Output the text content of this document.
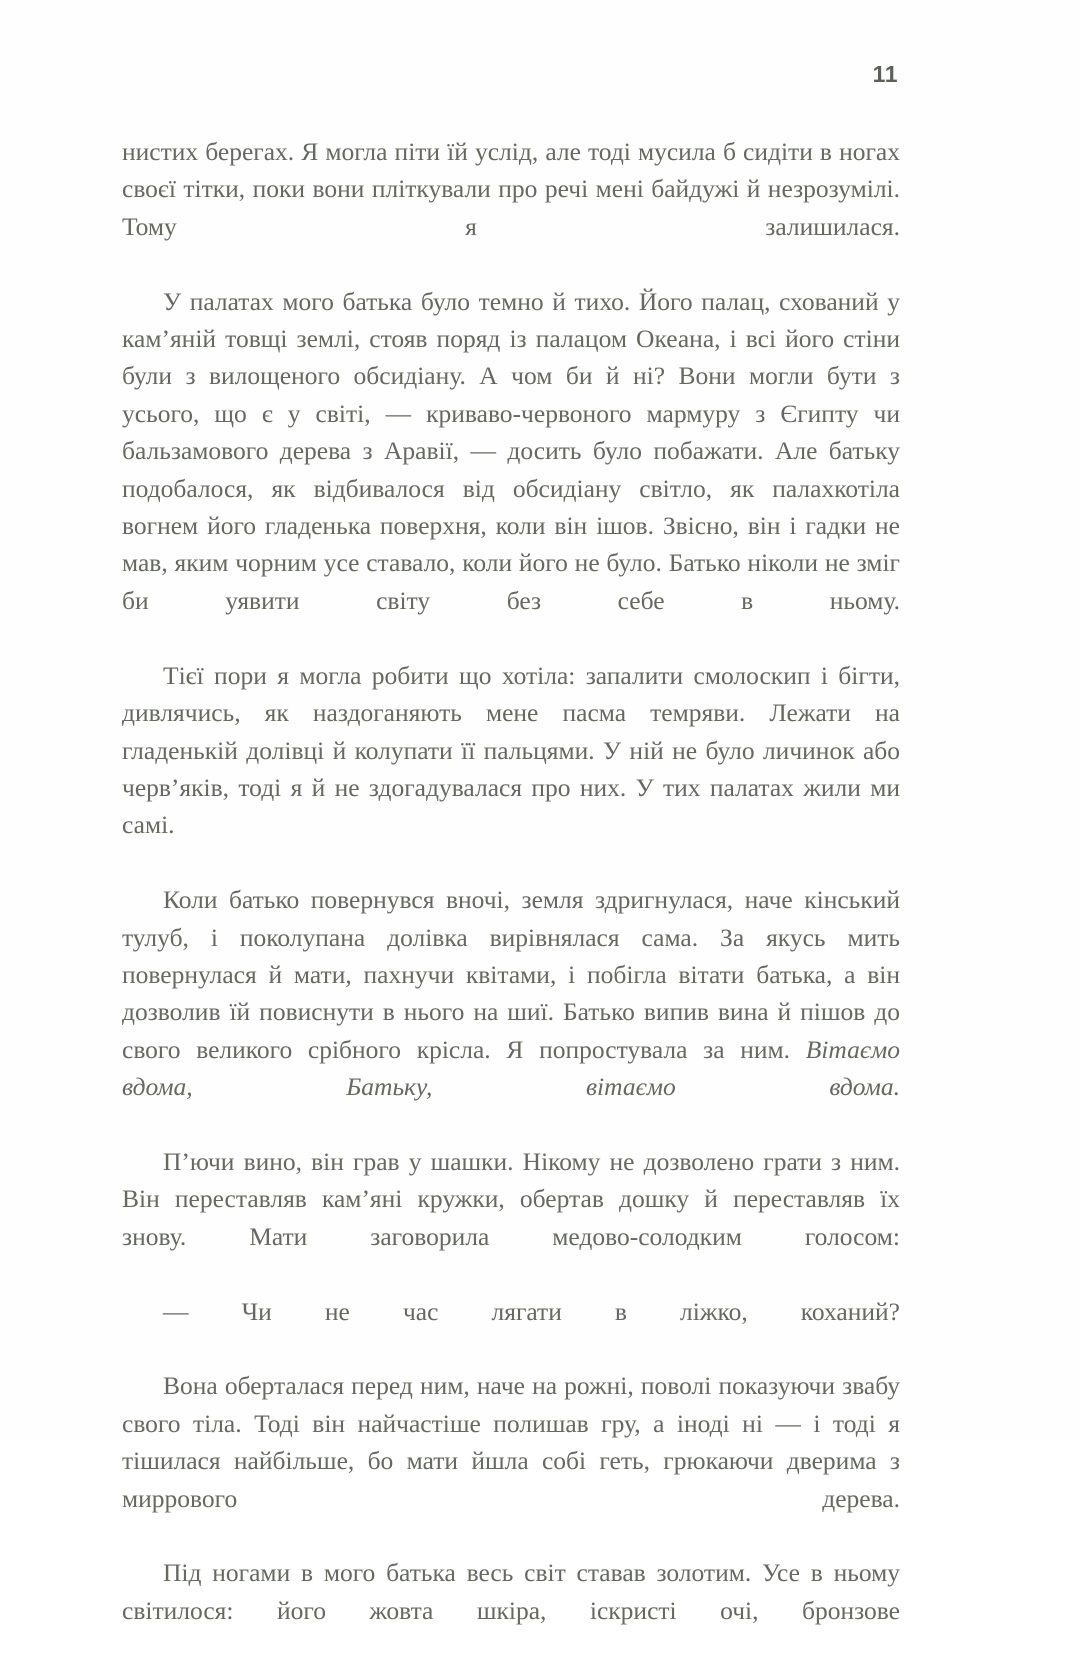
11

нистих берегах. Я могла піти їй услід, але тоді мусила б сидіти в ногах своєї тітки, поки вони пліткували про речі мені байдужі й незрозумілі. Тому я залишилася.

У палатах мого батька було темно й тихо. Його палац, схований у кам’яній товщі землі, стояв поряд із палацом Океана, і всі його стіни були з вилощеного обсидіану. А чом би й ні? Вони могли бути з усього, що є у світі, — криваво-червоного мармуру з Єгипту чи бальзамового дерева з Аравії, — досить було побажати. Але батьку подобалося, як відбивалося від обсидіану світло, як палахкотіла вогнем його гладенька поверхня, коли він ішов. Звісно, він і гадки не мав, яким чорним усе ставало, коли його не було. Батько ніколи не зміг би уявити світу без себе в ньому.

Тієї пори я могла робити що хотіла: запалити смолоскип і бігти, дивлячись, як наздоганяють мене пасма темряви. Лежати на гладенькій долівці й колупати її пальцями. У ній не було личинок або черв’яків, тоді я й не здогадувалася про них. У тих палатах жили ми самі.

Коли батько повернувся вночі, земля здригнулася, наче кінський тулуб, і поколупана долівка вирівнялася сама. За якусь мить повернулася й мати, пахнучи квітами, і побігла вітати батька, а він дозволив їй повиснути в нього на шиї. Батько випив вина й пішов до свого великого срібного крісла. Я попростувала за ним. Вітаємо вдома, Батьку, вітаємо вдома.

П’ючи вино, він грав у шашки. Нікому не дозволено грати з ним. Він переставляв кам’яні кружки, обертав дошку й переставляв їх знову. Мати заговорила медово-солодким голосом:

— Чи не час лягати в ліжко, коханий?

Вона оберталася перед ним, наче на рожні, поволі показуючи звабу свого тіла. Тоді він найчастіше полишав гру, а іноді ні — і тоді я тішилася найбільше, бо мати йшла собі геть, грюкаючи дверима з миррового дерева.

Під ногами в мого батька весь світ ставав золотим. Усе в ньому світилося: його жовта шкіра, іскристі очі, бронзове
